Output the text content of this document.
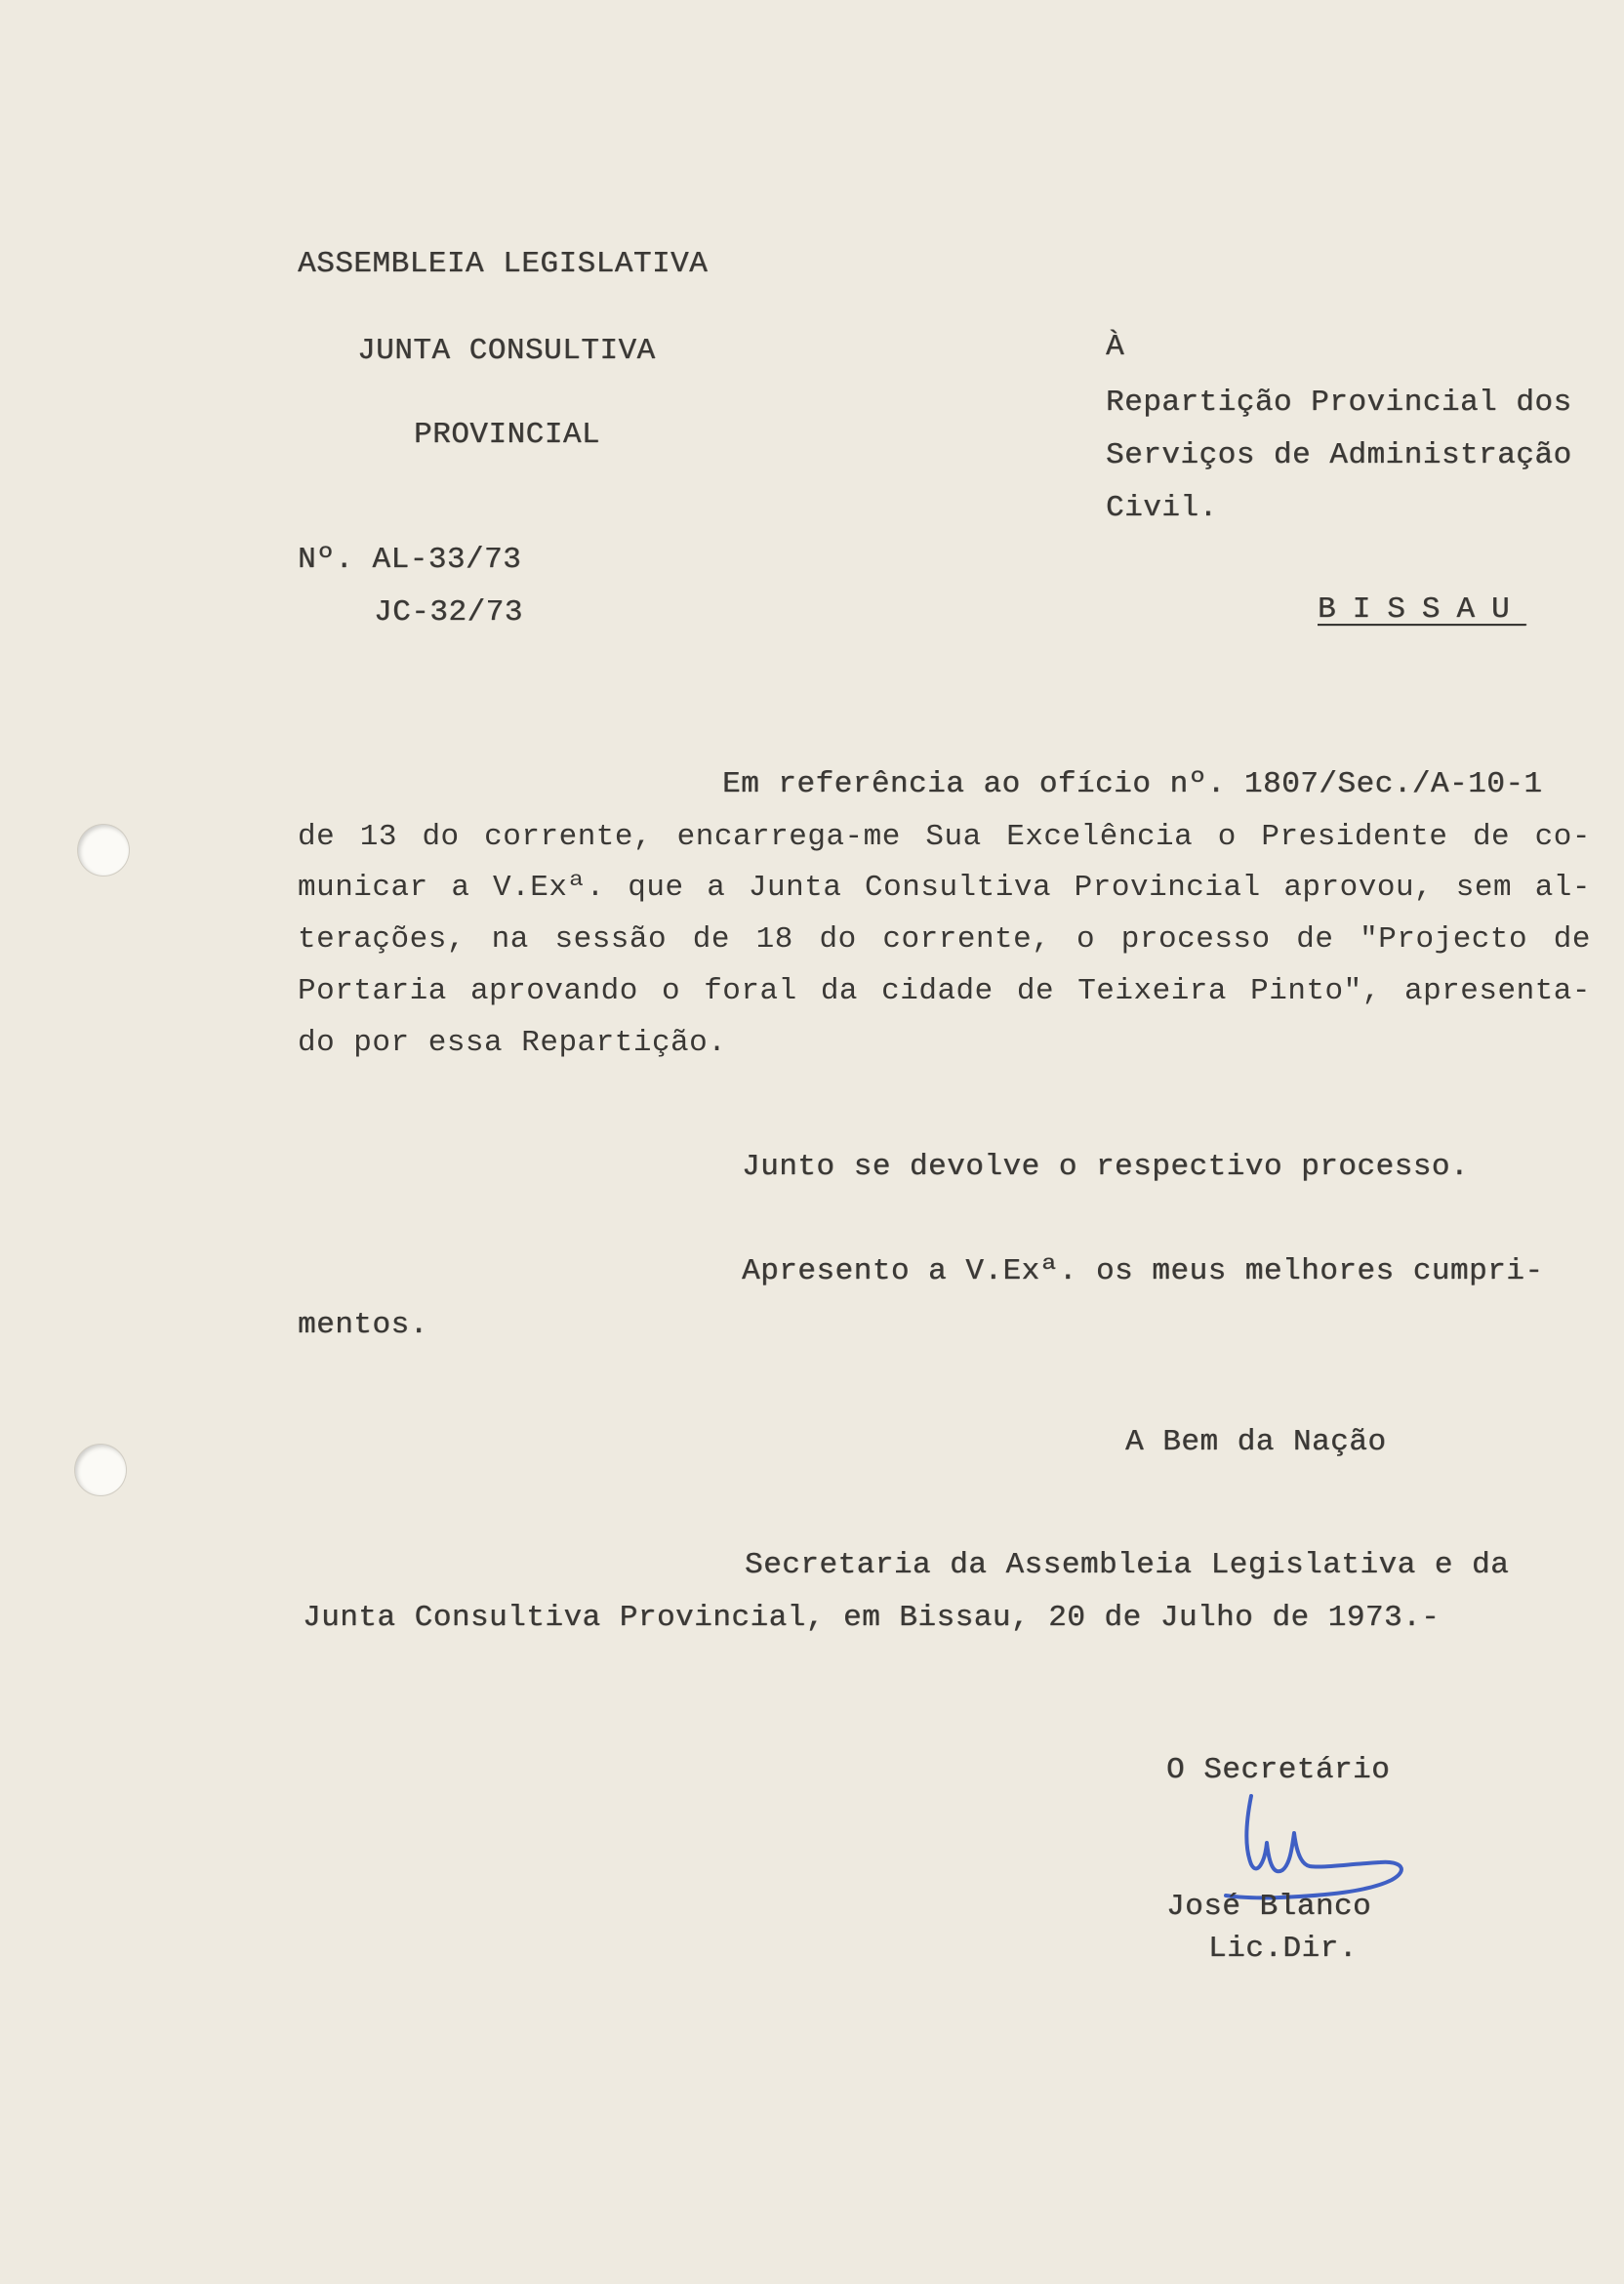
ASSEMBLEIA LEGISLATIVA
JUNTA CONSULTIVA
PROVINCIAL
Nº. AL-33/73
JC-32/73
À
Repartição Provincial dos
Serviços de Administração
Civil.
BISSAU
Em referência ao ofício nº. 1807/Sec./A-10-1
de 13 do corrente, encarrega-me Sua Excelência o Presidente de co-
municar a V.Exª. que a Junta Consultiva Provincial aprovou, sem al-
terações, na sessão de 18 do corrente, o processo de "Projecto de
Portaria aprovando o foral da cidade de Teixeira Pinto", apresenta-
do por essa Repartição.
Junto se devolve o respectivo processo.
Apresento a V.Exª. os meus melhores cumpri-
mentos.
A Bem da Nação
Secretaria da Assembleia Legislativa e da
Junta Consultiva Provincial, em Bissau, 20 de Julho de 1973.-
O Secretário
José Blanco
Lic.Dir.
